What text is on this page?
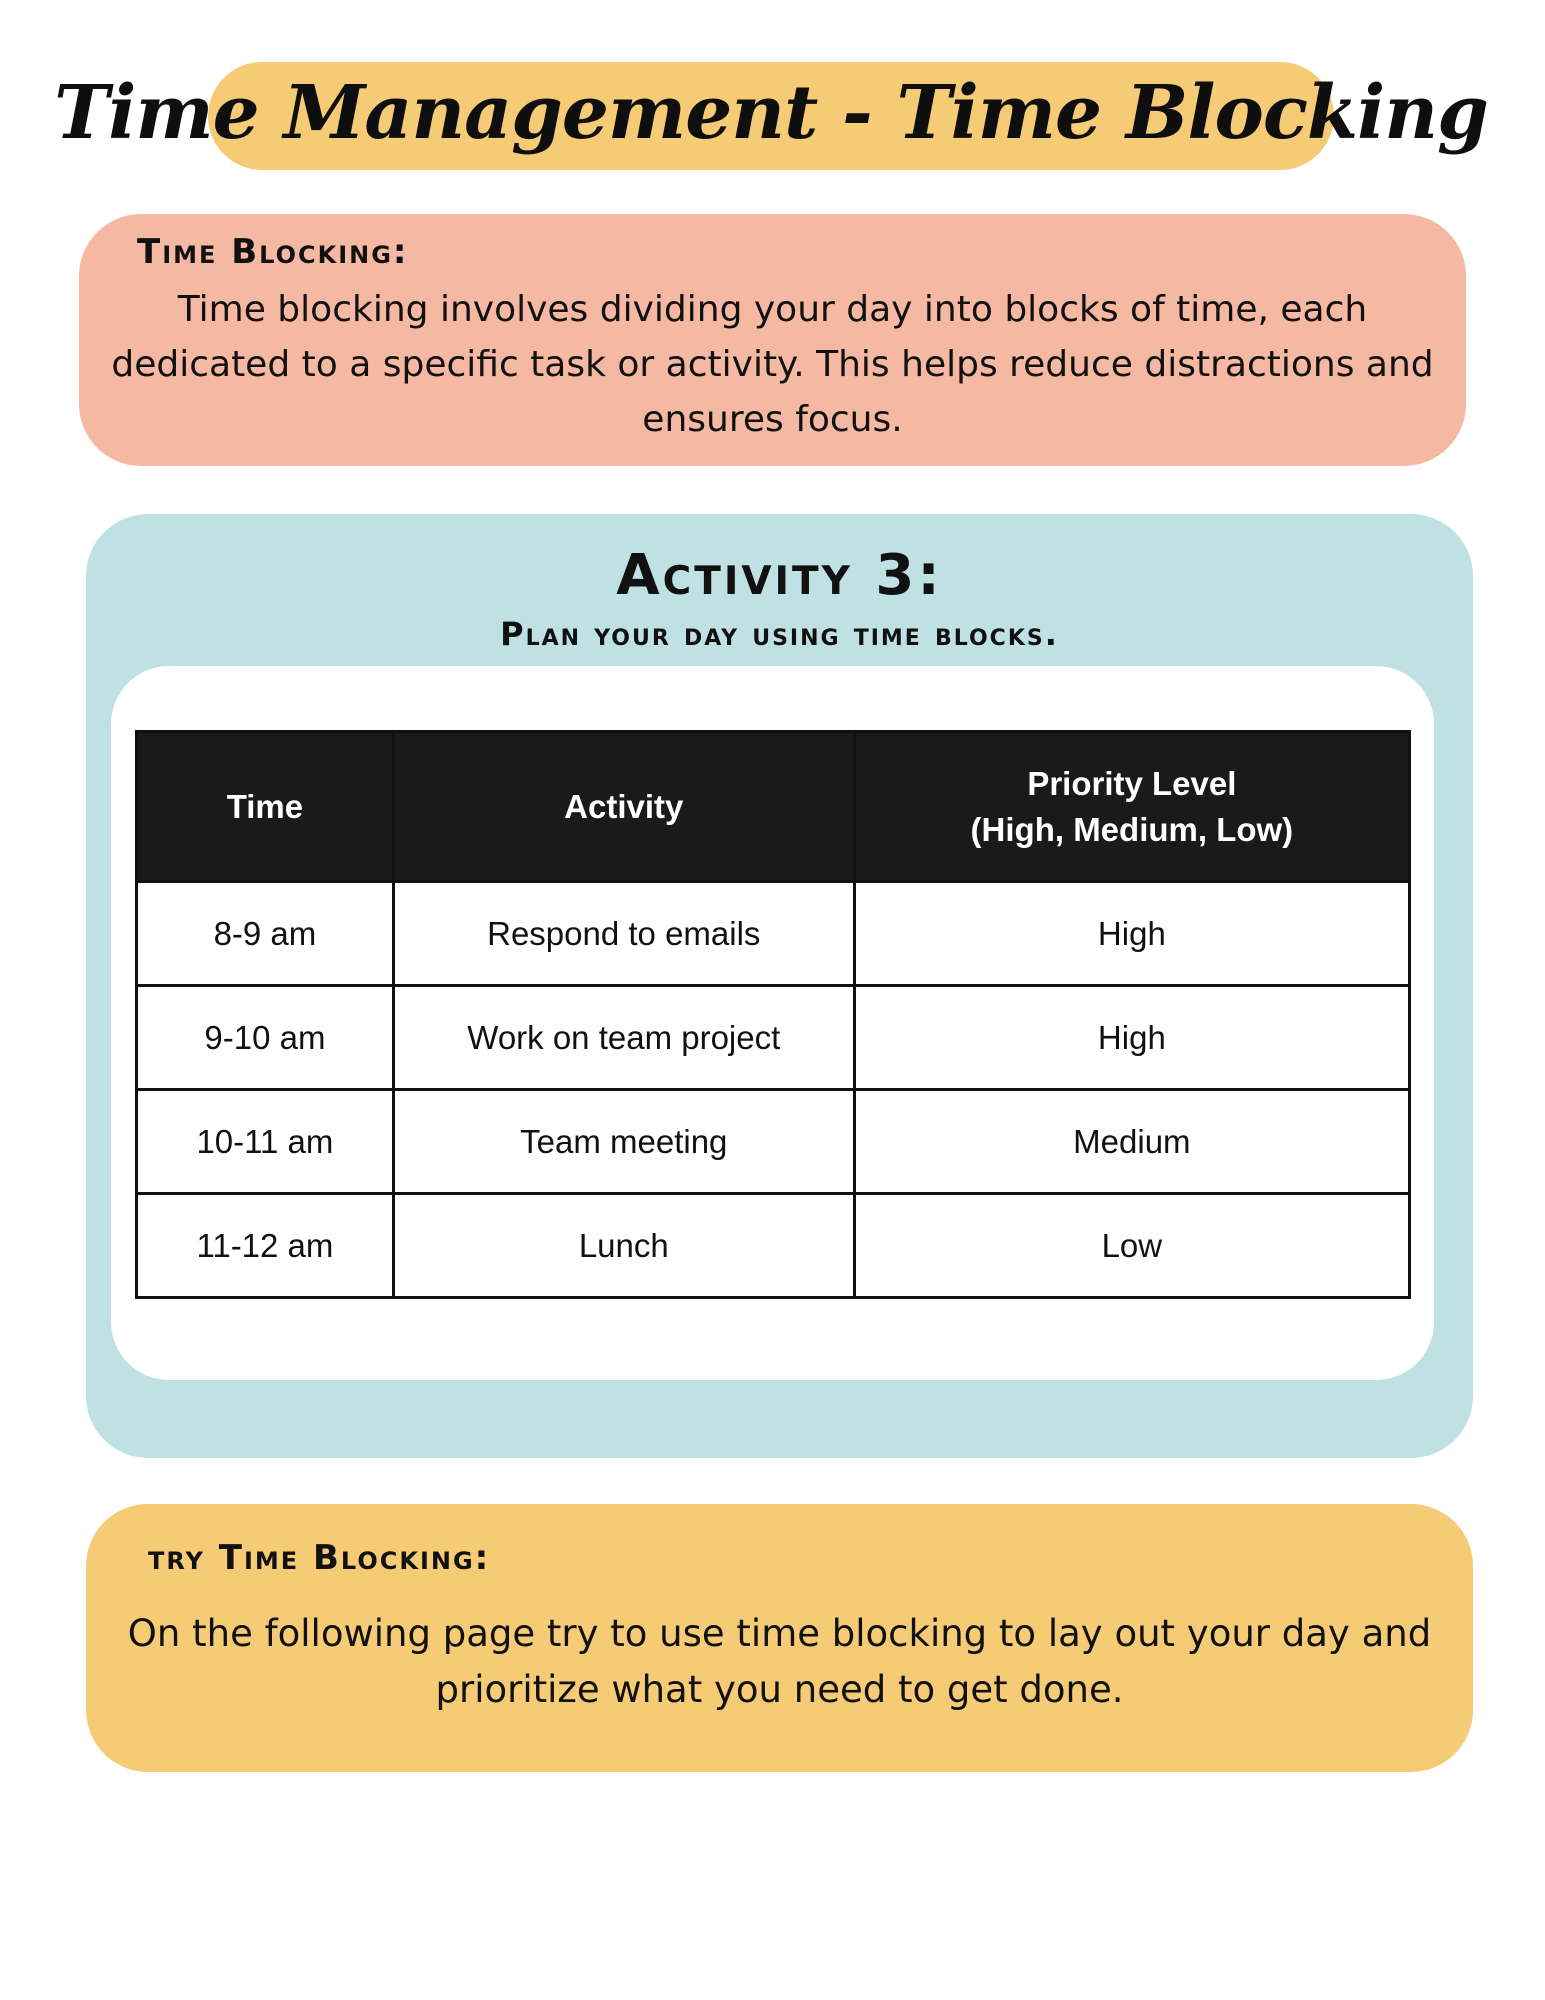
Time Management - Time Blocking
Time Blocking:
Time blocking involves dividing your day into blocks of time, each dedicated to a specific task or activity. This helps reduce distractions and ensures focus.
Activity 3:
Plan your day using time blocks.
Time	Activity	Priority Level
(High, Medium, Low)
8-9 am	Respond to emails	High
9-10 am	Work on team project	High
10-11 am	Team meeting	Medium
11-12 am	Lunch	Low
try Time Blocking:
On the following page try to use time blocking to lay out your day and prioritize what you need to get done.
